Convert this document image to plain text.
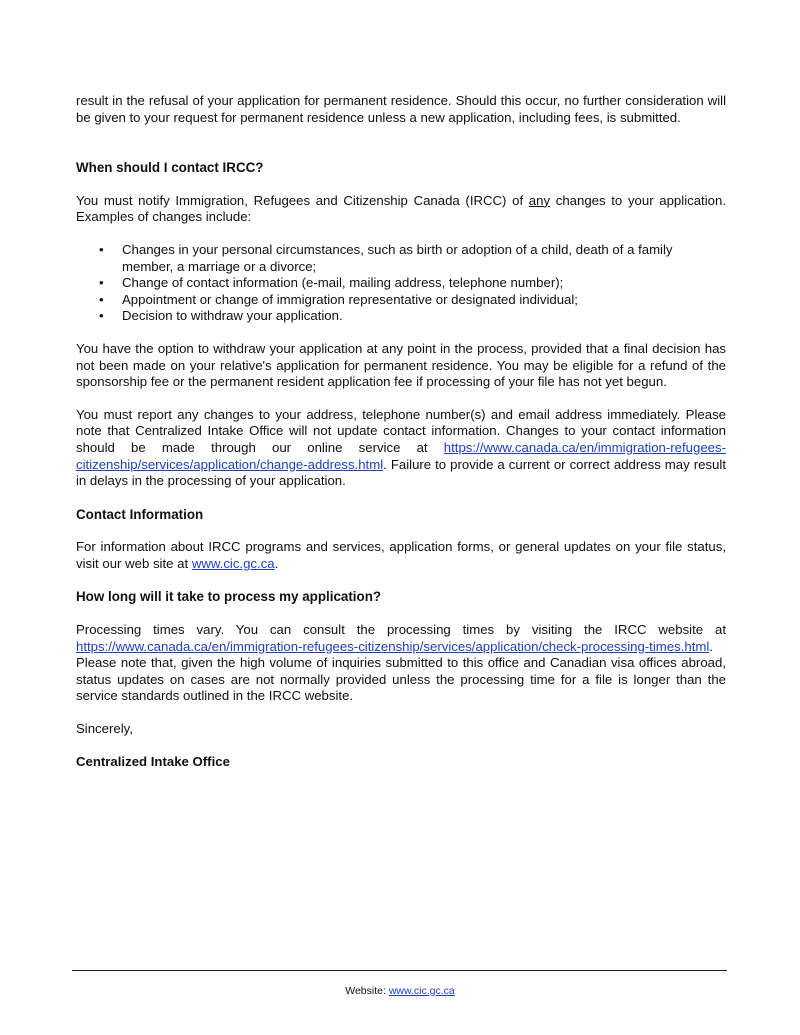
result in the refusal of your application for permanent residence. Should this occur, no further consideration will be given to your request for permanent residence unless a new application, including fees, is submitted.

When should I contact IRCC?

You must notify Immigration, Refugees and Citizenship Canada (IRCC) of any changes to your application. Examples of changes include:

• Changes in your personal circumstances, such as birth or adoption of a child, death of a family member, a marriage or a divorce;
• Change of contact information (e-mail, mailing address, telephone number);
• Appointment or change of immigration representative or designated individual;
• Decision to withdraw your application.

You have the option to withdraw your application at any point in the process, provided that a final decision has not been made on your relative's application for permanent residence. You may be eligible for a refund of the sponsorship fee or the permanent resident application fee if processing of your file has not yet begun.

You must report any changes to your address, telephone number(s) and email address immediately. Please note that Centralized Intake Office will not update contact information. Changes to your contact information should be made through our online service at https://www.canada.ca/en/immigration-refugees-citizenship/services/application/change-address.html. Failure to provide a current or correct address may result in delays in the processing of your application.

Contact Information

For information about IRCC programs and services, application forms, or general updates on your file status, visit our web site at www.cic.gc.ca.

How long will it take to process my application?

Processing times vary. You can consult the processing times by visiting the IRCC website at https://www.canada.ca/en/immigration-refugees-citizenship/services/application/check-processing-times.html. Please note that, given the high volume of inquiries submitted to this office and Canadian visa offices abroad, status updates on cases are not normally provided unless the processing time for a file is longer than the service standards outlined in the IRCC website.

Sincerely,

Centralized Intake Office

Website: www.cic.gc.ca
